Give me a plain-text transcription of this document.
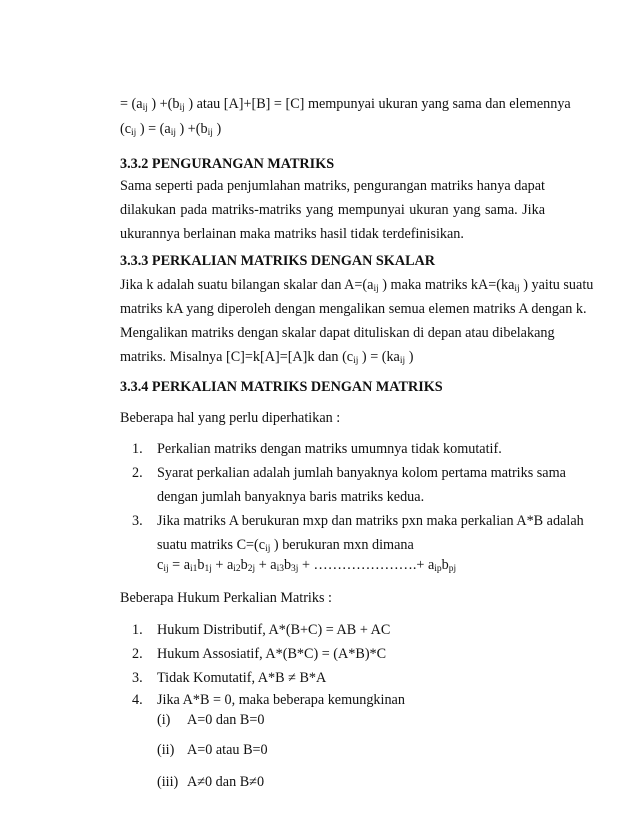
= ($a_{ij}$ ) $+(b_{ij}$ ) atau [A]+[B] = [C] mempunyai ukuran yang sama dan elemennya
($c_{ij}$ ) = ($a_{ij}$ ) $+(b_{ij}$ )
3.3.2 PENGURANGAN MATRIKS
Sama seperti pada penjumlahan matriks, pengurangan matriks hanya dapat
dilakukan pada matriks-matriks yang mempunyai ukuran yang sama. Jika
ukurannya berlainan maka matriks hasil tidak terdefinisikan.
3.3.3 PERKALIAN MATRIKS DENGAN SKALAR
Jika k adalah suatu bilangan skalar dan $A=(a_{ij}$ ) maka matriks $kA=(ka_{ij}$ ) yaitu suatu
matriks kA yang diperoleh dengan mengalikan semua elemen matriks A dengan k.
Mengalikan matriks dengan skalar dapat dituliskan di depan atau dibelakang
matriks. Misalnya [C]=k[A]=[A]k dan ($c_{ij}$ ) = ($ka_{ij}$ )
3.3.4 PERKALIAN MATRIKS DENGAN MATRIKS
Beberapa hal yang perlu diperhatikan :
1.	Perkalian matriks dengan matriks umumnya tidak komutatif.
2.	Syarat perkalian adalah jumlah banyaknya kolom pertama matriks sama
dengan jumlah banyaknya baris matriks kedua.
3.	Jika matriks A berukuran mxp dan matriks pxn maka perkalian A*B adalah
suatu matriks $C=(c_{ij}$ ) berukuran mxn dimana
$c_{ij} = a_{i1}b_{1j} + a_{i2}b_{2j} + a_{i3}b_{3j}$ + ………………….+ $a_{ip}b_{pj}$
Beberapa Hukum Perkalian Matriks :
1.	Hukum Distributif, A*(B+C) = AB + AC
2.	Hukum Assosiatif, A*(B*C) = (A*B)*C
3.	Tidak Komutatif, A*B ≠ B*A
4.	Jika A*B = 0, maka beberapa kemungkinan
(i) A=0 dan B=0
(ii) A=0 atau B=0
(iii) A≠0 dan B≠0
